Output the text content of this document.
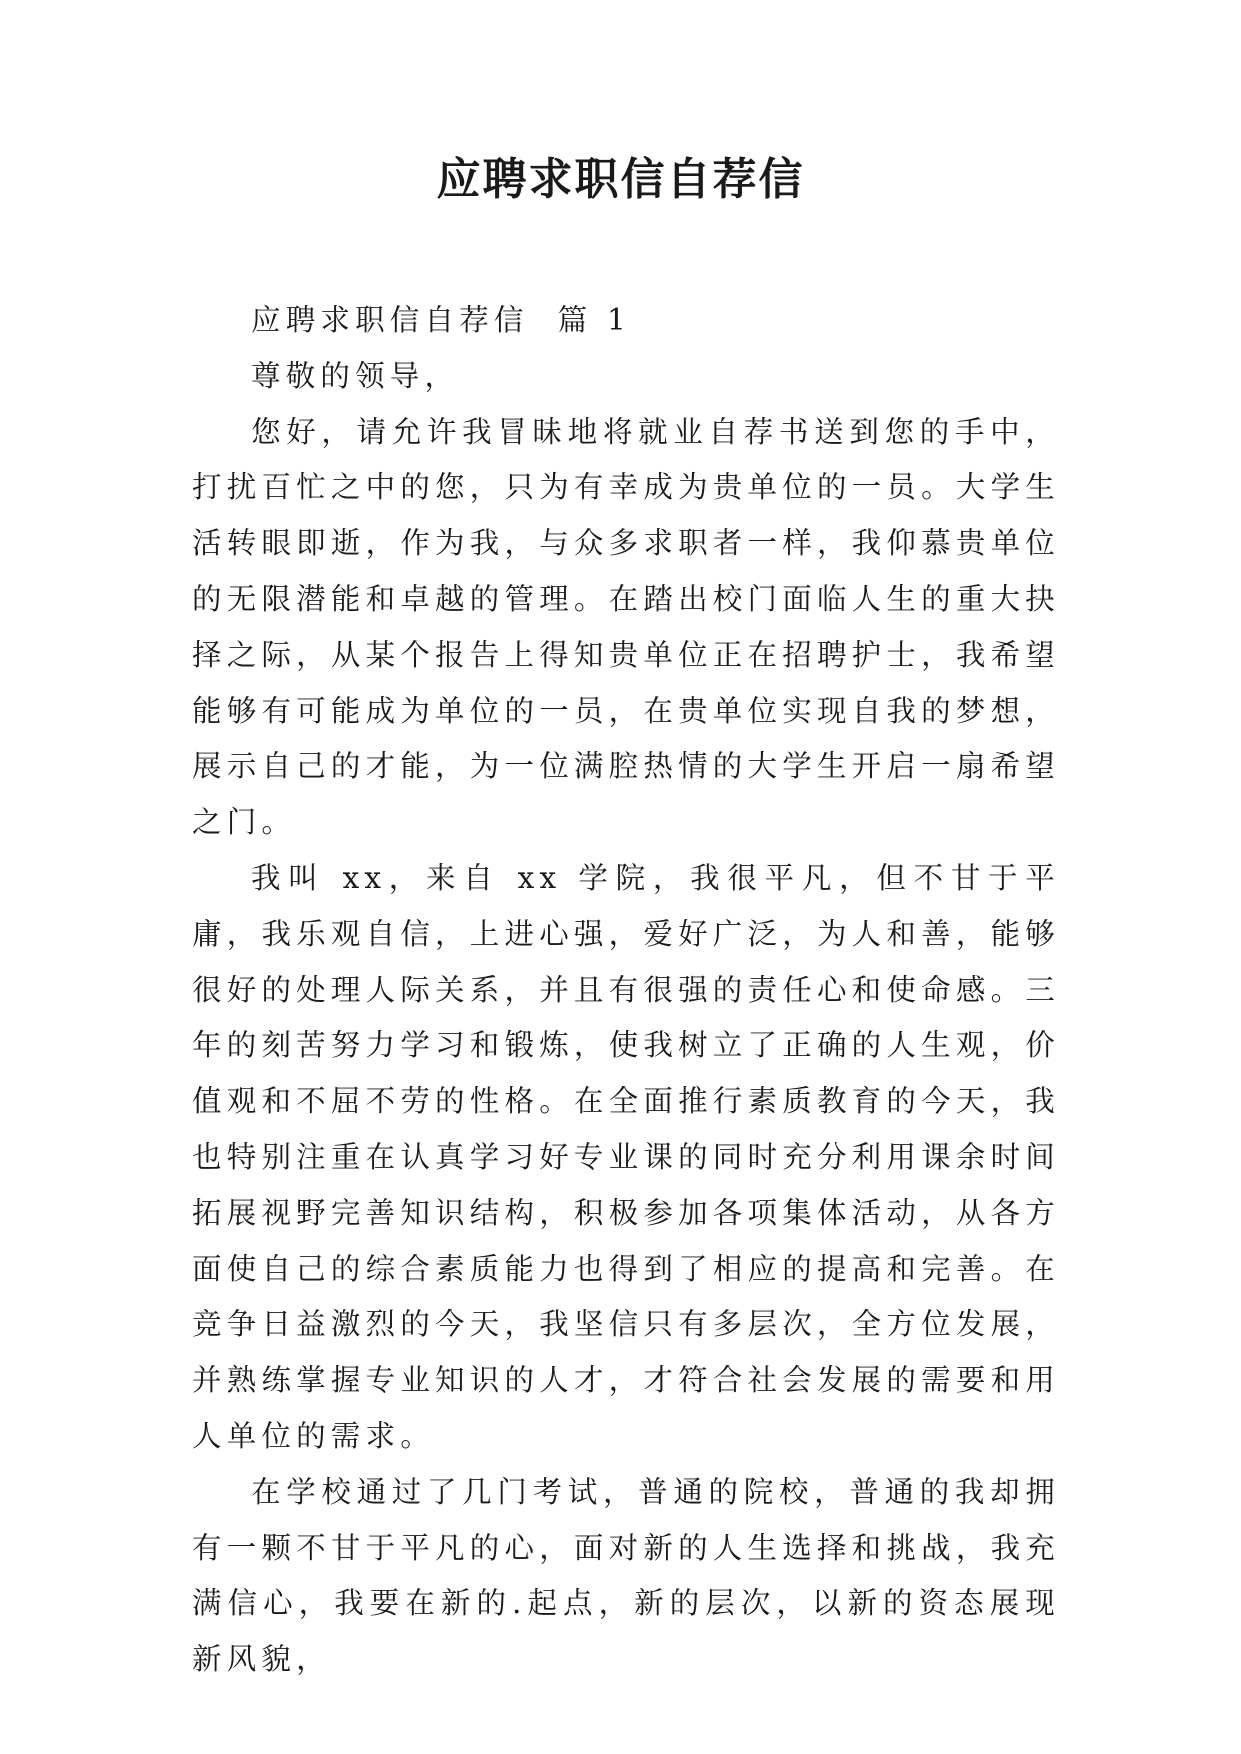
应聘求职信自荐信

应聘求职信自荐信  篇 1

尊敬的领导，

您好，请允许我冒昧地将就业自荐书送到您的手中，打扰百忙之中的您，只为有幸成为贵单位的一员。大学生活转眼即逝，作为我，与众多求职者一样，我仰慕贵单位的无限潜能和卓越的管理。在踏出校门面临人生的重大抉择之际，从某个报告上得知贵单位正在招聘护士，我希望能够有可能成为单位的一员，在贵单位实现自我的梦想，展示自己的才能，为一位满腔热情的大学生开启一扇希望之门。

我叫 xx，来自 xx 学院，我很平凡，但不甘于平庸，我乐观自信，上进心强，爱好广泛，为人和善，能够很好的处理人际关系，并且有很强的责任心和使命感。三年的刻苦努力学习和锻炼，使我树立了正确的人生观，价值观和不屈不劳的性格。在全面推行素质教育的今天，我也特别注重在认真学习好专业课的同时充分利用课余时间拓展视野完善知识结构，积极参加各项集体活动，从各方面使自己的综合素质能力也得到了相应的提高和完善。在竞争日益激烈的今天，我坚信只有多层次，全方位发展，并熟练掌握专业知识的人才，才符合社会发展的需要和用人单位的需求。

在学校通过了几门考试，普通的院校，普通的我却拥有一颗不甘于平凡的心，面对新的人生选择和挑战，我充满信心，我要在新的.起点，新的层次，以新的资态展现新风貌，
